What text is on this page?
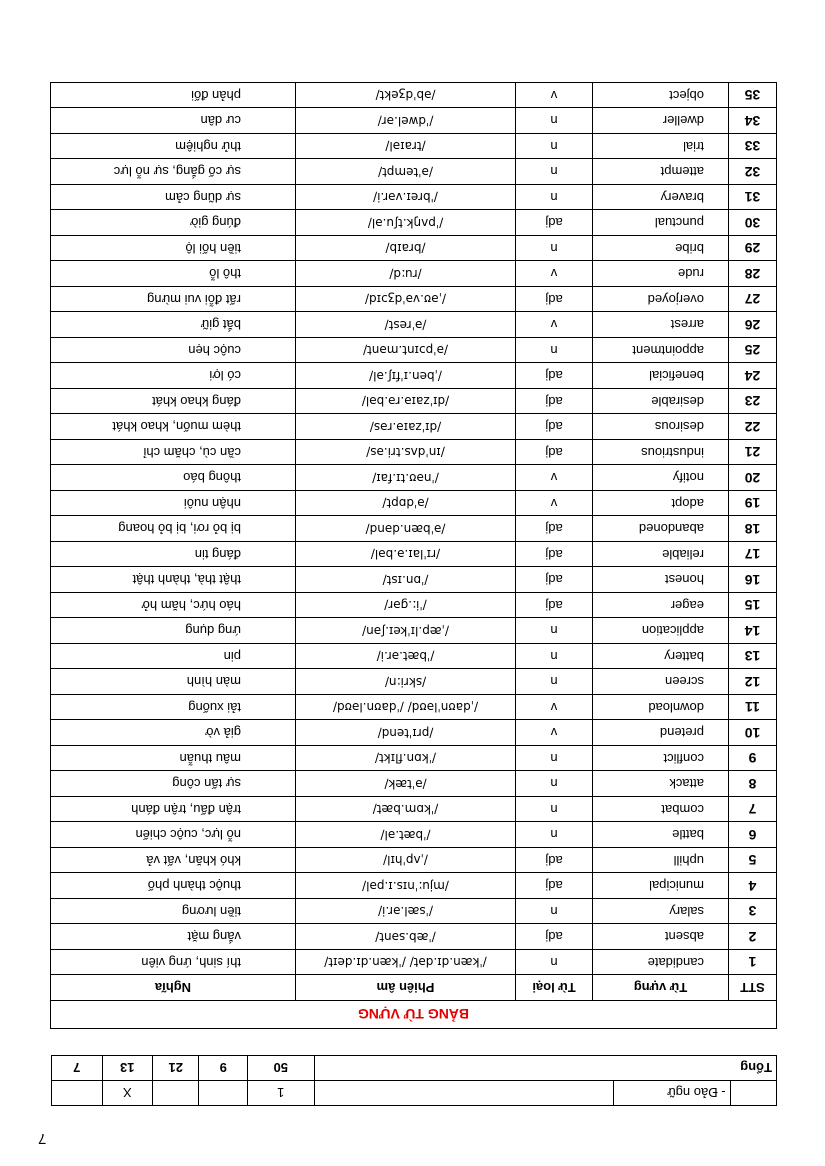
7
	- Đảo ngữ		1			X	
Tổng			50	9	21	13	7
BẢNG TỪ VỰNG				
STT	Từ vựng	Từ loại	Phiên âm	Nghĩa
1	candidate	n	/ˈkæn.dɪ.dət/ /ˈkæn.dɪ.deɪt/	thí sinh, ứng viên
2	absent	adj	/ˈæb.sənt/	vắng mặt
3	salary	n	/ˈsæl.ər.i/	tiền lương
4	municipal	adj	/mjuːˈnɪs.ɪ.pəl/	thuộc thành phố
5	uphill	adj	/ˌʌpˈhɪl/	khó khăn, vất vả
6	battle	n	/ˈbæt.əl/	nỗ lực, cuộc chiến
7	combat	n	/ˈkɒm.bæt/	trận đấu, trận đánh
8	attack	n	/əˈtæk/	sự tấn công
9	conflict	n	/ˈkɒn.flɪkt/	mâu thuẫn
10	pretend	v	/prɪˈtend/	giả vờ
11	download	v	/ˌdaʊnˈləʊd/ /ˈdaʊn.ləʊd/	tải xuống
12	screen	n	/skriːn/	màn hình
13	battery	n	/ˈbæt.ər.i/	pin
14	application	n	/ˌæp.lɪˈkeɪ.ʃən/	ứng dụng
15	eager	adj	/ˈiː.ɡər/	háo hức, hăm hở
16	honest	adj	/ˈɒn.ɪst/	thật thà, thành thật
17	reliable	adj	/rɪˈlaɪ.ə.bəl/	đáng tin
18	abandoned	adj	/əˈbæn.dənd/	bị bỏ rơi, bị bỏ hoang
19	adopt	v	/əˈdɒpt/	nhận nuôi
20	notify	v	/ˈnəʊ.tɪ.faɪ/	thông báo
21	industrious	adj	/ɪnˈdʌs.tri.əs/	cần cù, chăm chỉ
22	desirous	adj	/dɪˈzaɪə.rəs/	thèm muốn, khao khát
23	desirable	adj	/dɪˈzaɪə.rə.bəl/	đáng khao khát
24	beneficial	adj	/ˌben.ɪˈfɪʃ.əl/	có lợi
25	appointment	n	/əˈpɔɪnt.mənt/	cuộc hẹn
26	arrest	v	/əˈrest/	bắt giữ
27	overjoyed	adj	/ˌəʊ.vəˈdʒɔɪd/	rất đỗi vui mừng
28	rude	v	/ruːd/	thô lỗ
29	bribe	n	/braɪb/	tiền hối lộ
30	punctual	adj	/ˈpʌŋk.tʃu.əl/	đúng giờ
31	bravery	n	/ˈbreɪ.vər.i/	sự dũng cảm
32	attempt	n	/əˈtempt/	sự cố gắng, sự nỗ lực
33	trial	n	/traɪəl/	thử nghiệm
34	dweller	n	/ˈdwel.ər/	cư dân
35	object	v	/əbˈdʒekt/	phản đối
